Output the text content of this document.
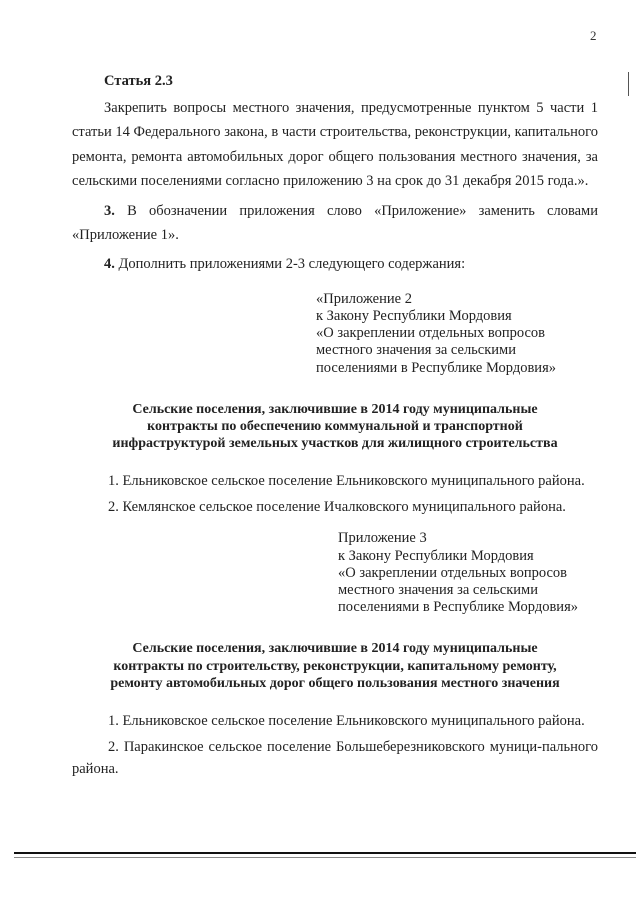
2
Статья 2.3

Закрепить вопросы местного значения, предусмотренные пунктом 5 части 1 статьи 14 Федерального закона, в части строительства, реконструкции, капитального ремонта, ремонта автомобильных дорог общего пользования местного значения, за сельскими поселениями согласно приложению 3 на срок до 31 декабря 2015 года.».

3. В обозначении приложения слово «Приложение» заменить словами «Приложение 1».

4. Дополнить приложениями 2-3 следующего содержания:

«Приложение 2
к Закону Республики Мордовия
«О закреплении отдельных вопросов
местного значения за сельскими
поселениями в Республике Мордовия»
Сельские поселения, заключившие в 2014 году муниципальные
контракты по обеспечению коммунальной и транспортной
инфраструктурой земельных участков для жилищного строительства

1. Ельниковское сельское поселение Ельниковского муниципального района.

2. Кемлянское сельское поселение Ичалковского муниципального района.

Приложение 3
к Закону Республики Мордовия
«О закреплении отдельных вопросов
местного значения за сельскими
поселениями в Республике Мордовия»
Сельские поселения, заключившие в 2014 году муниципальные
контракты по строительству, реконструкции, капитальному ремонту,
ремонту автомобильных дорог общего пользования местного значения

1. Ельниковское сельское поселение Ельниковского муниципального района.

2. Паракинское сельское поселение Большеберезниковского муници-пального района.
